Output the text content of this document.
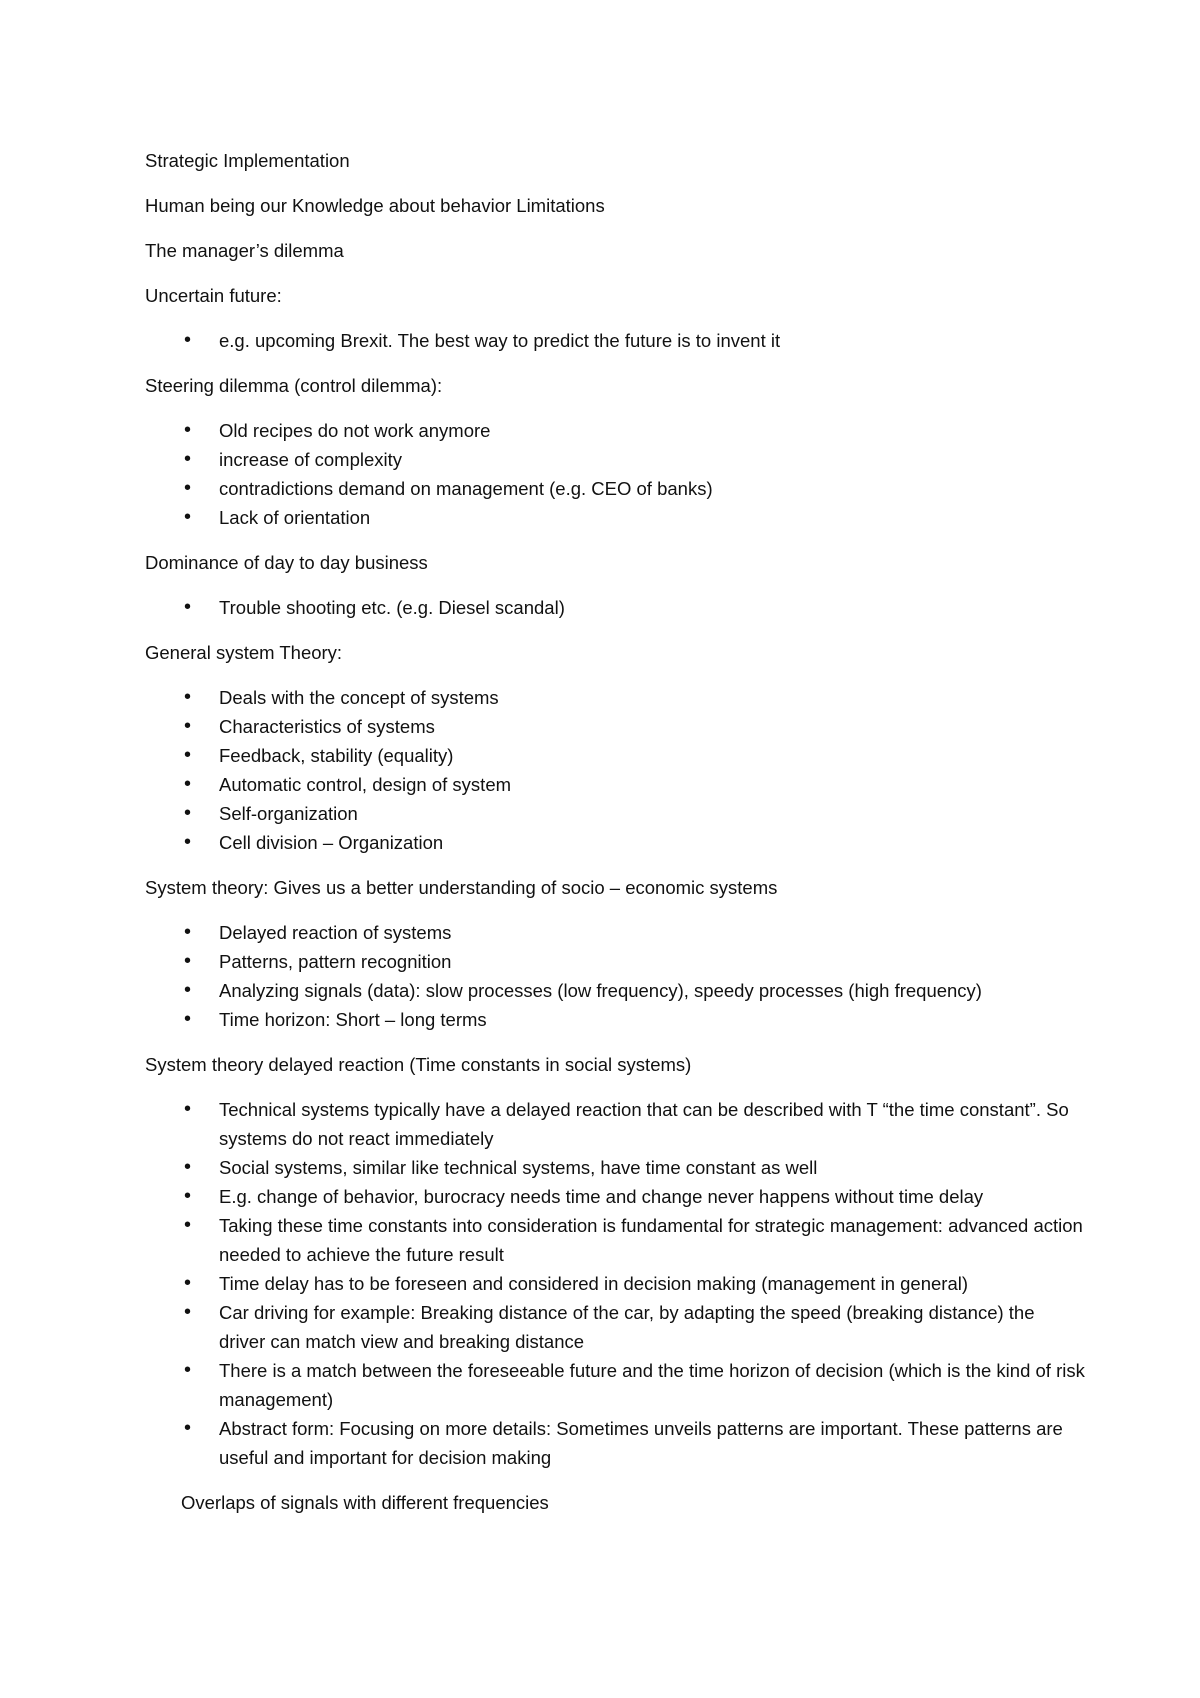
Strategic Implementation

Human being our Knowledge about behavior Limitations

The manager’s dilemma

Uncertain future:

• e.g. upcoming Brexit. The best way to predict the future is to invent it

Steering dilemma (control dilemma):

• Old recipes do not work anymore
• increase of complexity
• contradictions demand on management (e.g. CEO of banks)
• Lack of orientation

Dominance of day to day business

• Trouble shooting etc. (e.g. Diesel scandal)

General system Theory:

• Deals with the concept of systems
• Characteristics of systems
• Feedback, stability (equality)
• Automatic control, design of system
• Self-organization
• Cell division – Organization

System theory: Gives us a better understanding of socio – economic systems

• Delayed reaction of systems
• Patterns, pattern recognition
• Analyzing signals (data): slow processes (low frequency), speedy processes (high frequency)
• Time horizon: Short – long terms

System theory delayed reaction (Time constants in social systems)

• Technical systems typically have a delayed reaction that can be described with T “the time constant”. So systems do not react immediately
• Social systems, similar like technical systems, have time constant as well
• E.g. change of behavior, burocracy needs time and change never happens without time delay
• Taking these time constants into consideration is fundamental for strategic management: advanced action needed to achieve the future result
• Time delay has to be foreseen and considered in decision making (management in general)
• Car driving for example: Breaking distance of the car, by adapting the speed (breaking distance) the driver can match view and breaking distance
• There is a match between the foreseeable future and the time horizon of decision (which is the kind of risk management)
• Abstract form: Focusing on more details: Sometimes unveils patterns are important. These patterns are useful and important for decision making

Overlaps of signals with different frequencies
